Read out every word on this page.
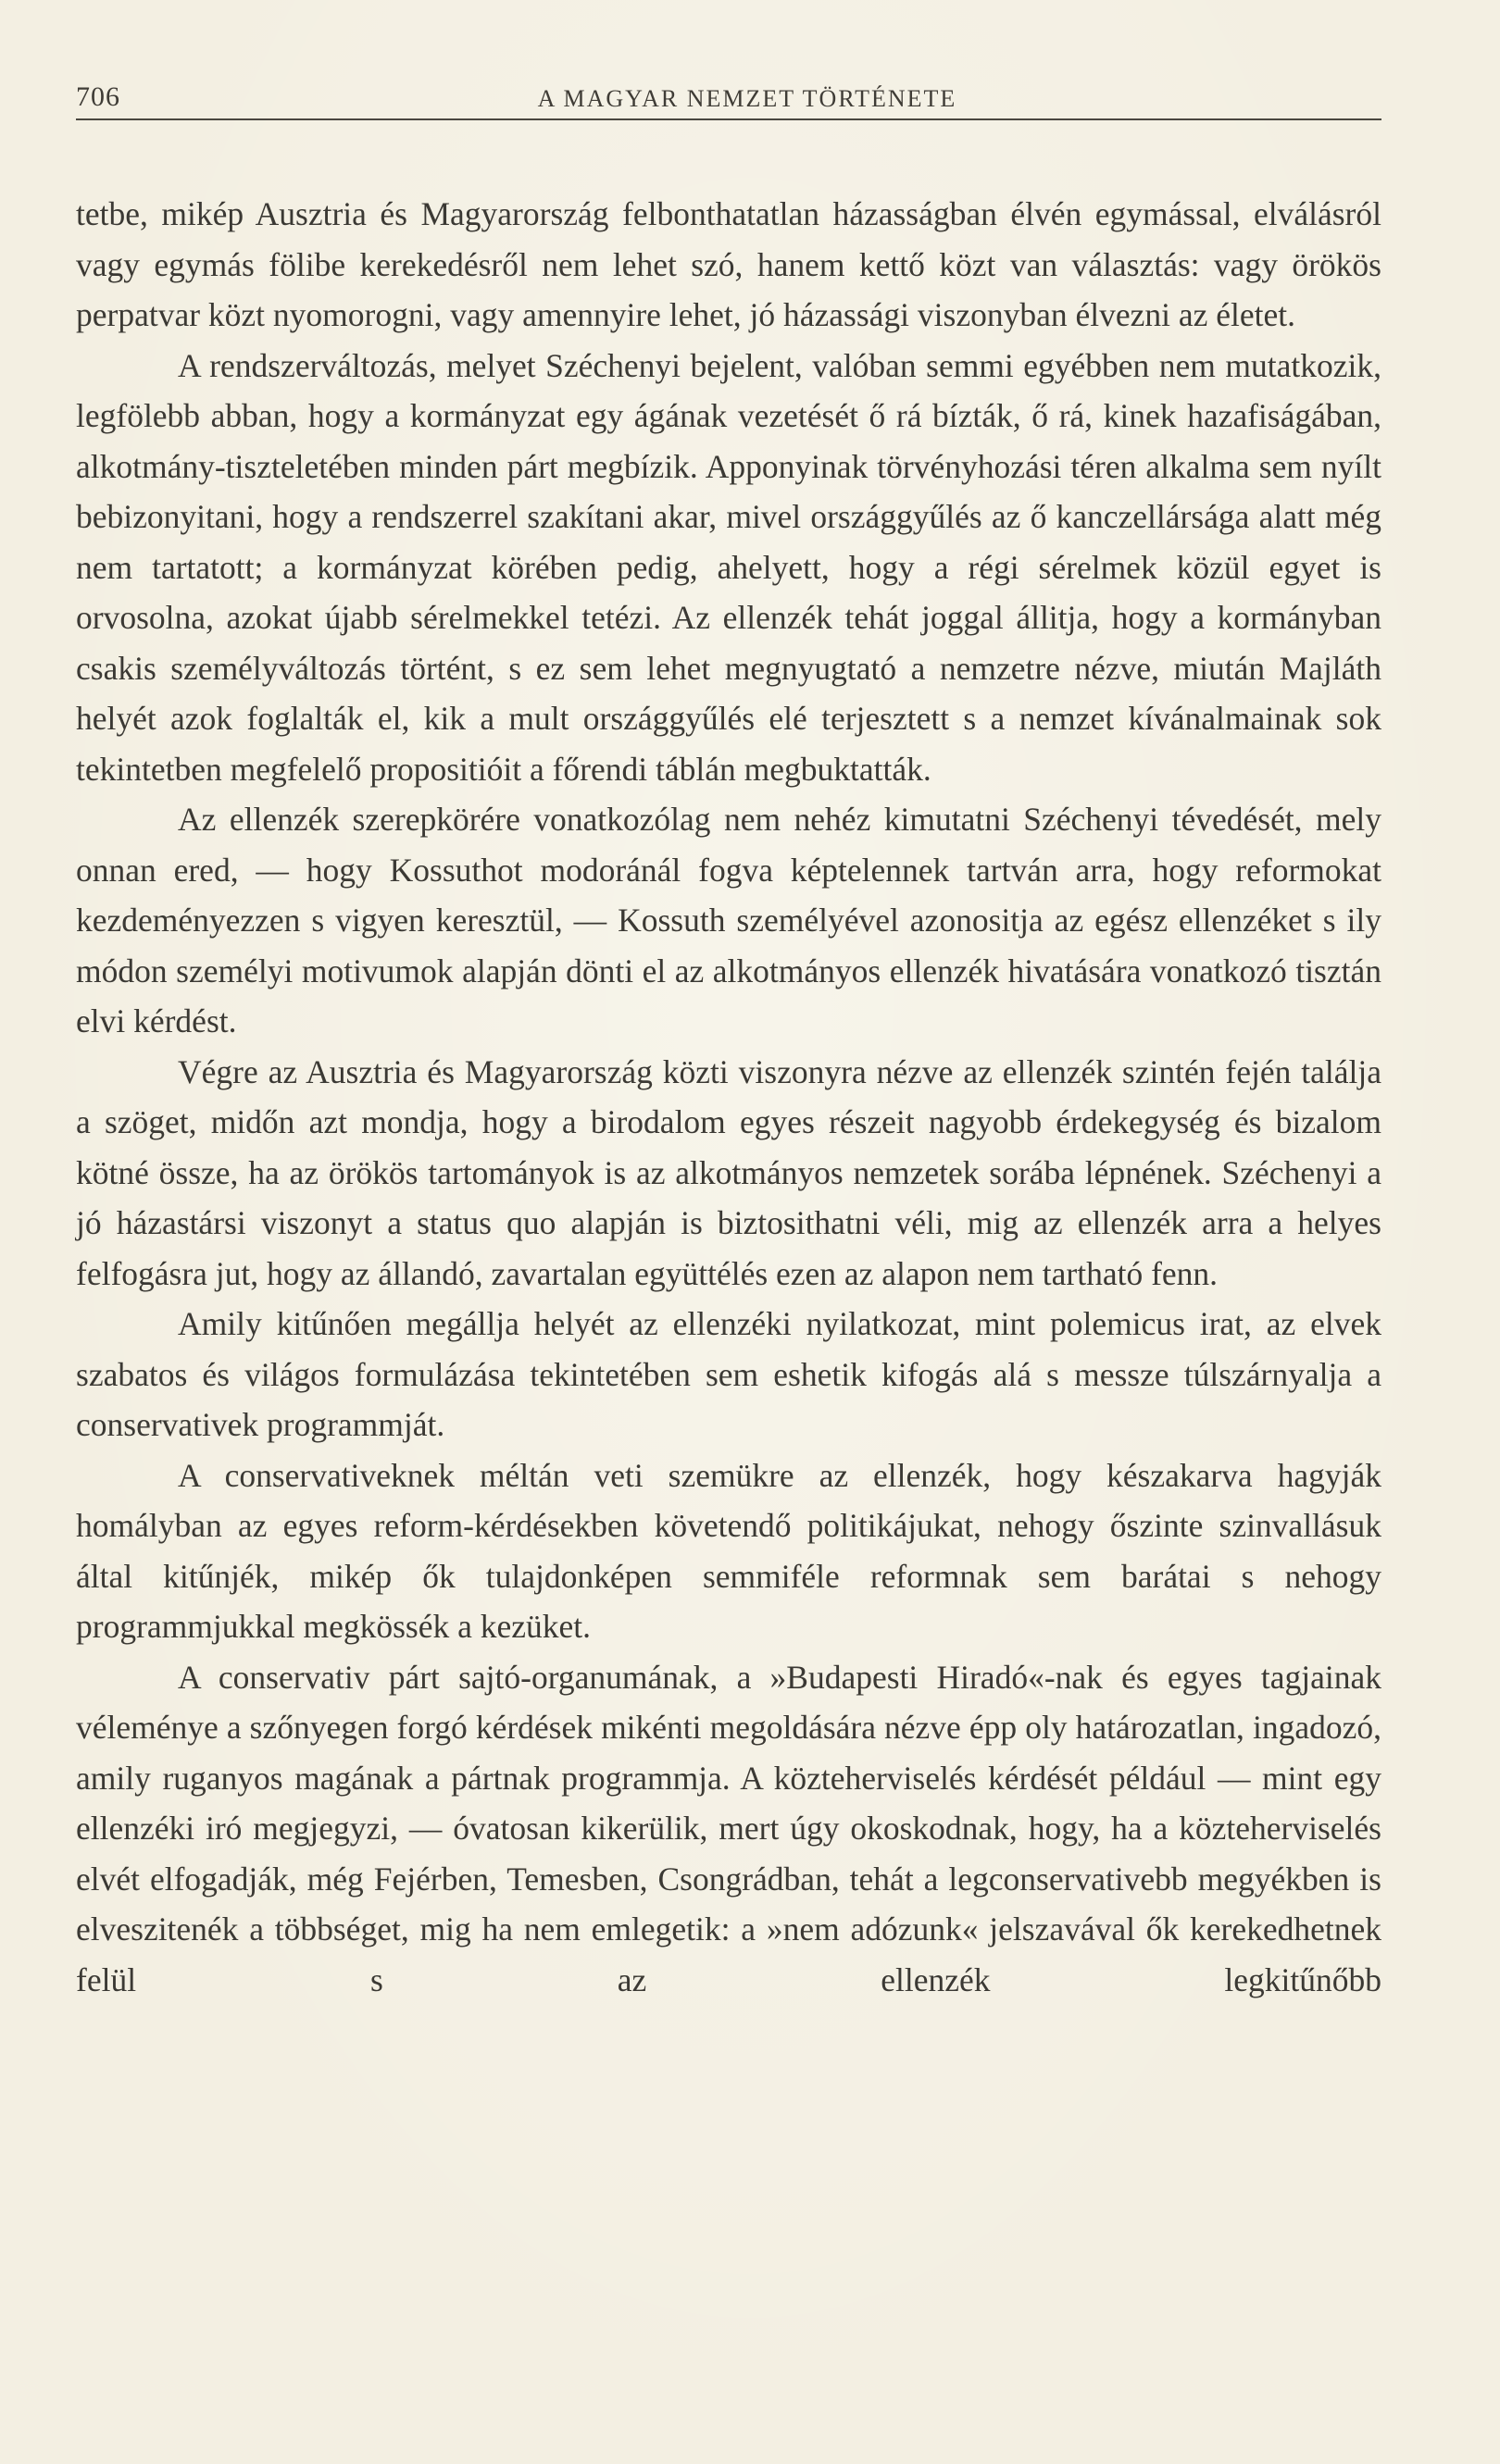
706	A MAGYAR NEMZET TÖRTÉNETE

tetbe, mikép Ausztria és Magyarország felbonthatatlan házasságban élvén egymással, elválásról vagy egymás fölibe kerekedésről nem lehet szó, hanem kettő közt van választás: vagy örökös perpatvar közt nyomorogni, vagy amennyire lehet, jó házassági viszonyban élvezni az életet.

A rendszerváltozás, melyet Széchenyi bejelent, valóban semmi egyébben nem mutatkozik, legfölebb abban, hogy a kormányzat egy ágának vezetését ő rá bízták, ő rá, kinek hazafiságában, alkotmány-tiszteletében minden párt megbízik. Apponyinak törvényhozási téren alkalma sem nyílt bebizonyitani, hogy a rendszerrel szakítani akar, mivel országgyűlés az ő kanczellársága alatt még nem tartatott; a kormányzat körében pedig, ahelyett, hogy a régi sérelmek közül egyet is orvosolna, azokat újabb sérelmekkel tetézi. Az ellenzék tehát joggal állitja, hogy a kormányban csakis személyváltozás történt, s ez sem lehet megnyugtató a nemzetre nézve, miután Majláth helyét azok foglalták el, kik a mult országgyűlés elé terjesztett s a nemzet kívánalmainak sok tekintetben megfelelő propositióit a főrendi táblán megbuktatták.

Az ellenzék szerepkörére vonatkozólag nem nehéz kimutatni Széchenyi tévedését, mely onnan ered, — hogy Kossuthot modoránál fogva képtelennek tartván arra, hogy reformokat kezdeményezzen s vigyen keresztül, — Kossuth személyével azonositja az egész ellenzéket s ily módon személyi motivumok alapján dönti el az alkotmányos ellenzék hivatására vonatkozó tisztán elvi kérdést.

Végre az Ausztria és Magyarország közti viszonyra nézve az ellenzék szintén fején találja a szöget, midőn azt mondja, hogy a birodalom egyes részeit nagyobb érdekegység és bizalom kötné össze, ha az örökös tartományok is az alkotmányos nemzetek sorába lépnének. Széchenyi a jó házastársi viszonyt a status quo alapján is biztosithatni véli, mig az ellenzék arra a helyes felfogásra jut, hogy az állandó, zavartalan együttélés ezen az alapon nem tartható fenn.

Amily kitűnően megállja helyét az ellenzéki nyilatkozat, mint polemicus irat, az elvek szabatos és világos formulázása tekintetében sem eshetik kifogás alá s messze túlszárnyalja a conservativek programmját.

A conservativeknek méltán veti szemükre az ellenzék, hogy készakarva hagyják homályban az egyes reform-kérdésekben követendő politikájukat, nehogy őszinte szinvallásuk által kitűnjék, mikép ők tulajdonképen semmiféle reformnak sem barátai s nehogy programmjukkal megkössék a kezüket.

A conservativ párt sajtó-organumának, a »Budapesti Hiradó«-nak és egyes tagjainak véleménye a szőnyegen forgó kérdések mikénti megoldására nézve épp oly határozatlan, ingadozó, amily ruganyos magának a pártnak programmja. A közteherviselés kérdését például — mint egy ellenzéki iró megjegyzi, — óvatosan kikerülik, mert úgy okoskodnak, hogy, ha a közteherviselés elvét elfogadják, még Fejérben, Temesben, Csongrádban, tehát a legconservativebb megyékben is elveszitenék a többséget, mig ha nem emlegetik: a »nem adózunk« jelszavával ők kerekedhetnek felül s az ellenzék legkitűnőbb
